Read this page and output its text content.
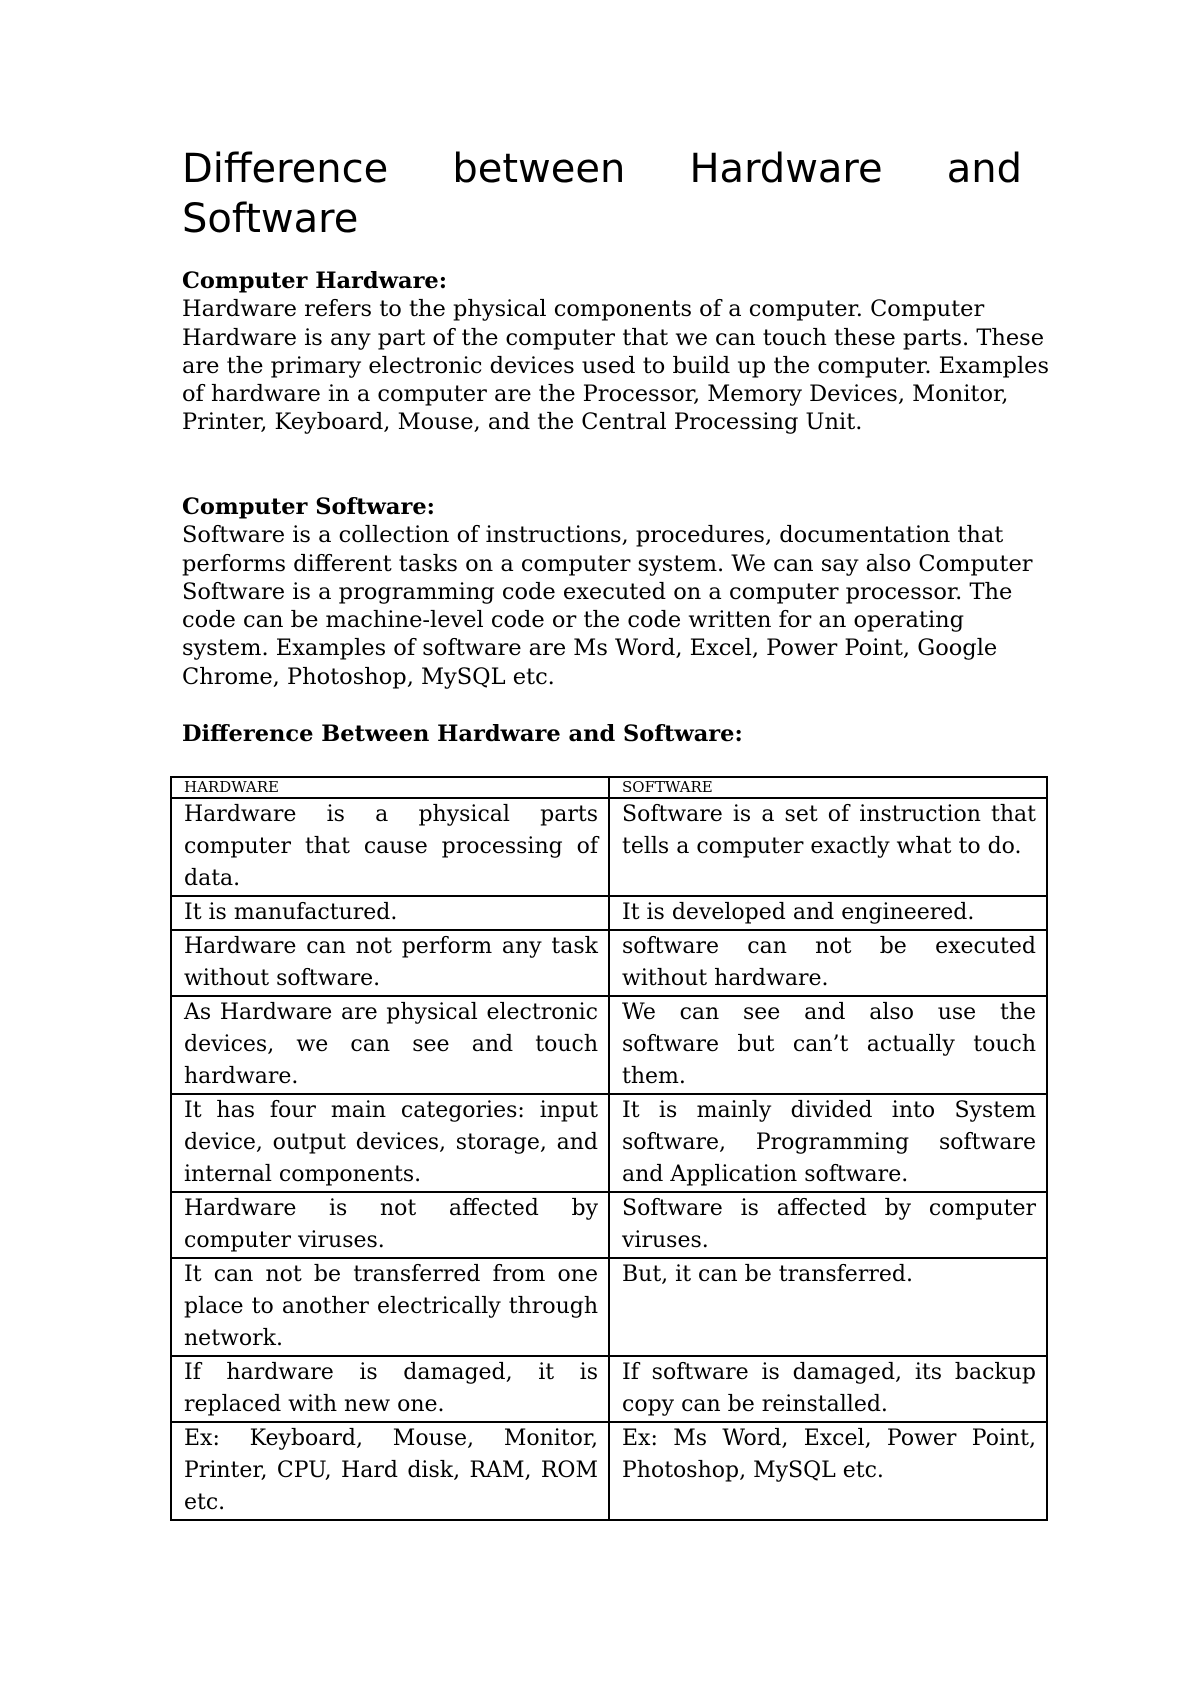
Difference between Hardware and Software
Computer Hardware:

Hardware refers to the physical components of a computer. Computer Hardware is any part of the computer that we can touch these parts. These are the primary electronic devices used to build up the computer. Examples of hardware in a computer are the Processor, Memory Devices, Monitor, Printer, Keyboard, Mouse, and the Central Processing Unit.

Computer Software:

Software is a collection of instructions, procedures, documentation that performs different tasks on a computer system. We can say also Computer Software is a programming code executed on a computer processor. The code can be machine-level code or the code written for an operating system. Examples of software are Ms Word, Excel, Power Point, Google Chrome, Photoshop, MySQL etc.

Difference Between Hardware and Software:
HARDWARE	SOFTWARE
Hardware is a physical parts computer that cause processing of data.	Software is a set of instruction that tells a computer exactly what to do.
It is manufactured.	It is developed and engineered.
Hardware can not perform any task without software.	software can not be executed without hardware.
As Hardware are physical electronic devices, we can see and touch hardware.	We can see and also use the software but can’t actually touch them.
It has four main categories: input device, output devices, storage, and internal components.	It is mainly divided into System software, Programming software and Application software.
Hardware is not affected by computer viruses.	Software is affected by computer viruses.
It can not be transferred from one place to another electrically through network.	But, it can be transferred.
If hardware is damaged, it is replaced with new one.	If software is damaged, its backup copy can be reinstalled.
Ex: Keyboard, Mouse, Monitor, Printer, CPU, Hard disk, RAM, ROM etc.	Ex: Ms Word, Excel, Power Point, Photoshop, MySQL etc.
